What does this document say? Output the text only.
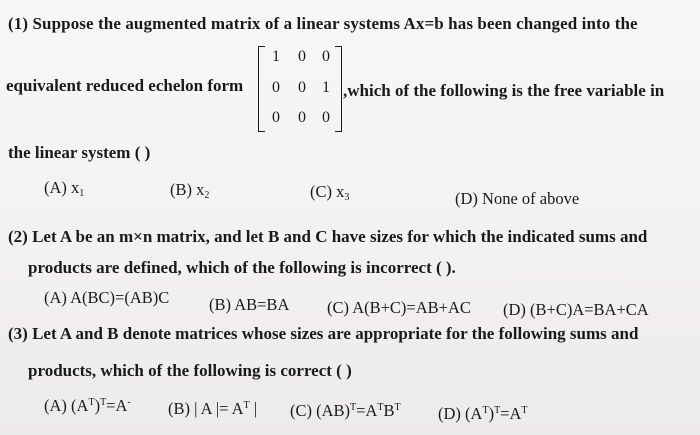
(1) Suppose the augmented matrix of a linear systems Ax=b has been changed into the
equivalent reduced echelon form
1 0 0
0 0 1
0 0 0
,which of the following is the free variable in
the linear system ( )
(A) $x_1$	(B) $x_2$	(C) $x_3$	(D) None of above
(2) Let A be an m×n matrix, and let B and C have sizes for which the indicated sums and
products are defined, which of the following is incorrect ( ).
(A) A(BC)=(AB)C (B) AB=BA (C) A(B+C)=AB+AC (D) (B+C)A=BA+CA
(3) Let A and B denote matrices whose sizes are appropriate for the following sums and
products, which of the following is correct ( )
(A) $(A^T)^T=A^-$ (B) | A |= $A^T$ | (C) $(AB)^T=A^TB^T$ (D) $(A^T)^T=A^T$
